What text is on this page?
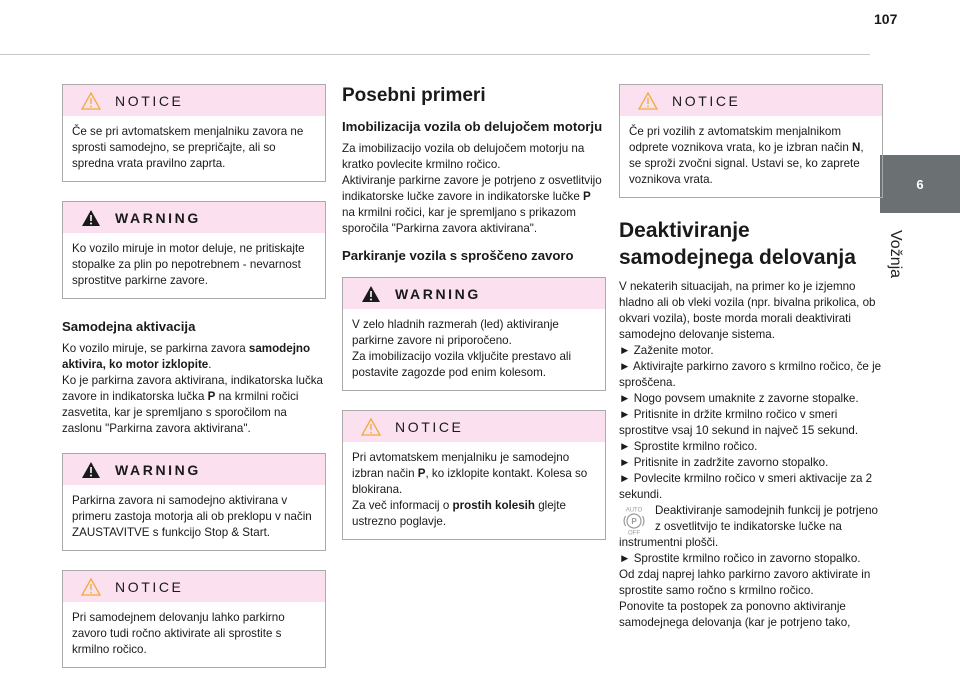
107
6
Vožnja
NOTICE
Če se pri avtomatskem menjalniku zavora ne sprosti samodejno, se prepričajte, ali so spredna vrata pravilno zaprta.
WARNING
Ko vozilo miruje in motor deluje, ne pritiskajte stopalke za plin po nepotrebnem - nevarnost sprostitve parkirne zavore.
Samodejna aktivacija

Ko vozilo miruje, se parkirna zavora samodejno aktivira, ko motor izklopite.

Ko je parkirna zavora aktivirana, indikatorska lučka zavore in indikatorska lučka P na krmilni ročici zasvetita, kar je spremljano s sporočilom na zaslonu "Parkirna zavora aktivirana".

WARNING
Parkirna zavora ni samodejno aktivirana v primeru zastoja motorja ali ob preklopu v način ZAUSTAVITVE s funkcijo Stop & Start.
NOTICE
Pri samodejnem delovanju lahko parkirno zavoro tudi ročno aktivirate ali sprostite s krmilno ročico.
Posebni primeri
Imobilizacija vozila ob delujočem motorju

Za imobilizacijo vozila ob delujočem motorju na kratko povlecite krmilno ročico.

Aktiviranje parkirne zavore je potrjeno z osvetlitvijo indikatorske lučke zavore in indikatorske lučke P na krmilni ročici, kar je spremljano s prikazom sporočila "Parkirna zavora aktivirana".

Parkiranje vozila s sproščeno zavoro
WARNING
V zelo hladnih razmerah (led) aktiviranje parkirne zavore ni priporočeno.
Za imobilizacijo vozila vključite prestavo ali postavite zagozde pod enim kolesom.
NOTICE
Pri avtomatskem menjalniku je samodejno izbran način P, ko izklopite kontakt. Kolesa so blokirana.
Za več informacij o prostih kolesih glejte ustrezno poglavje.
NOTICE
Če pri vozilih z avtomatskim menjalnikom odprete voznikova vrata, ko je izbran način N, se sproži zvočni signal. Ustavi se, ko zaprete voznikova vrata.
Deaktiviranje samodejnega delovanja

V nekaterih situacijah, na primer ko je izjemno hladno ali ob vleki vozila (npr. bivalna prikolica, ob okvari vozila), boste morda morali deaktivirati samodejno delovanje sistema.

► Zaženite motor.

► Aktivirajte parkirno zavoro s krmilno ročico, če je sproščena.

► Nogo povsem umaknite z zavorne stopalke.

► Pritisnite in držite krmilno ročico v smeri sprostitve vsaj 10 sekund in največ 15 sekund.

► Sprostite krmilno ročico.

► Pritisnite in zadržite zavorno stopalko.

► Povlecite krmilno ročico v smeri aktivacije za 2 sekundi.

AUTO
P
OFF
Deaktiviranje samodejnih funkcij je potrjeno z osvetlitvijo te indikatorske lučke na instrumentni plošči.

► Sprostite krmilno ročico in zavorno stopalko.

Od zdaj naprej lahko parkirno zavoro aktivirate in sprostite samo ročno s krmilno ročico.

Ponovite ta postopek za ponovno aktiviranje samodejnega delovanja (kar je potrjeno tako,
